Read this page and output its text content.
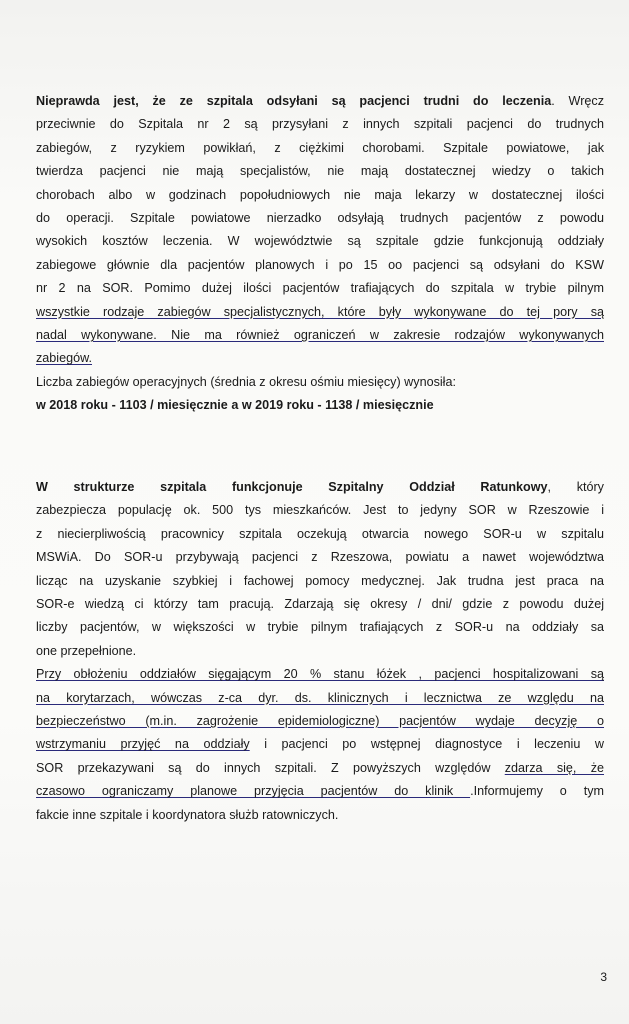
Nieprawda jest, że ze szpitala odsyłani są pacjenci trudni do leczenia. Wręcz
przeciwnie do Szpitala nr 2 są przysyłani z innych szpitali pacjenci do trudnych
zabiegów, z ryzykiem powikłań, z ciężkimi chorobami. Szpitale powiatowe, jak
twierdza pacjenci nie mają specjalistów, nie mają dostatecznej wiedzy o takich
chorobach albo w godzinach popołudniowych nie maja lekarzy w dostatecznej ilości
do operacji. Szpitale powiatowe nierzadko odsyłają trudnych pacjentów z powodu
wysokich kosztów leczenia. W województwie są szpitale gdzie funkcjonują oddziały
zabiegowe głównie dla pacjentów planowych i po 15 oo pacjenci są odsyłani do KSW
nr 2 na SOR. Pomimo dużej ilości pacjentów trafiających do szpitala w trybie pilnym
wszystkie rodzaje zabiegów specjalistycznych, które były wykonywane do tej pory są
nadal wykonywane. Nie ma również ograniczeń w zakresie rodzajów wykonywanych
zabiegów.
Liczba zabiegów operacyjnych (średnia z okresu ośmiu miesięcy) wynosiła:
w 2018 roku - 1103 / miesięcznie a w 2019 roku - 1138 / miesięcznie
W strukturze szpitala funkcjonuje Szpitalny Oddział Ratunkowy, który
zabezpiecza populację ok. 500 tys mieszkańców. Jest to jedyny SOR w Rzeszowie i
z niecierpliwością pracownicy szpitala oczekują otwarcia nowego SOR-u w szpitalu
MSWiA. Do SOR-u przybywają pacjenci z Rzeszowa, powiatu a nawet województwa
licząc na uzyskanie szybkiej i fachowej pomocy medycznej. Jak trudna jest praca na
SOR-e wiedzą ci którzy tam pracują. Zdarzają się okresy / dni/ gdzie z powodu dużej
liczby pacjentów, w większości w trybie pilnym trafiających z SOR-u na oddziały sa
one przepełnione.
Przy obłożeniu oddziałów sięgającym 20 % stanu łóżek , pacjenci hospitalizowani są
na korytarzach, wówczas z-ca dyr. ds. klinicznych i lecznictwa ze względu na
bezpieczeństwo (m.in. zagrożenie epidemiologiczne) pacjentów wydaje decyzję o
wstrzymaniu przyjęć na oddziały i pacjenci po wstępnej diagnostyce i leczeniu w
SOR przekazywani są do innych szpitali. Z powyższych względów zdarza się, że
czasowo ograniczamy planowe przyjęcia pacjentów do klinik .Informujemy o tym
fakcie inne szpitale i koordynatora służb ratowniczych.
3
